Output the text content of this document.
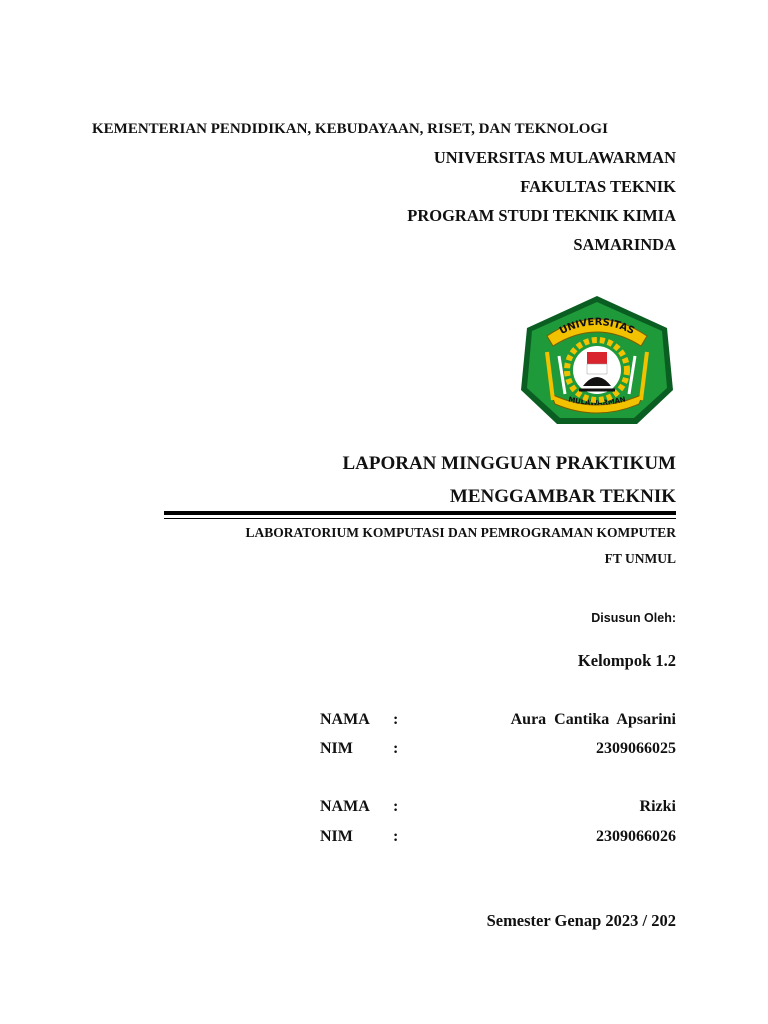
KEMENTERIAN PENDIDIKAN, KEBUDAYAAN, RISET, DAN TEKNOLOGI
UNIVERSITAS MULAWARMAN
FAKULTAS TEKNIK
PROGRAM STUDI TEKNIK KIMIA
SAMARINDA
UNIVERSITAS
MULAWARMAN
LAPORAN MINGGUAN PRAKTIKUM
MENGGAMBAR TEKNIK
LABORATORIUM KOMPUTASI DAN PEMROGRAMAN KOMPUTER
FT UNMUL
Disusun Oleh:
Kelompok 1.2
NAMA :	Aura  Cantika  Apsarini
NIM	:	2309066025
NAMA :	Rizki
NIM	:	2309066026
Semester Genap 2023 / 202
